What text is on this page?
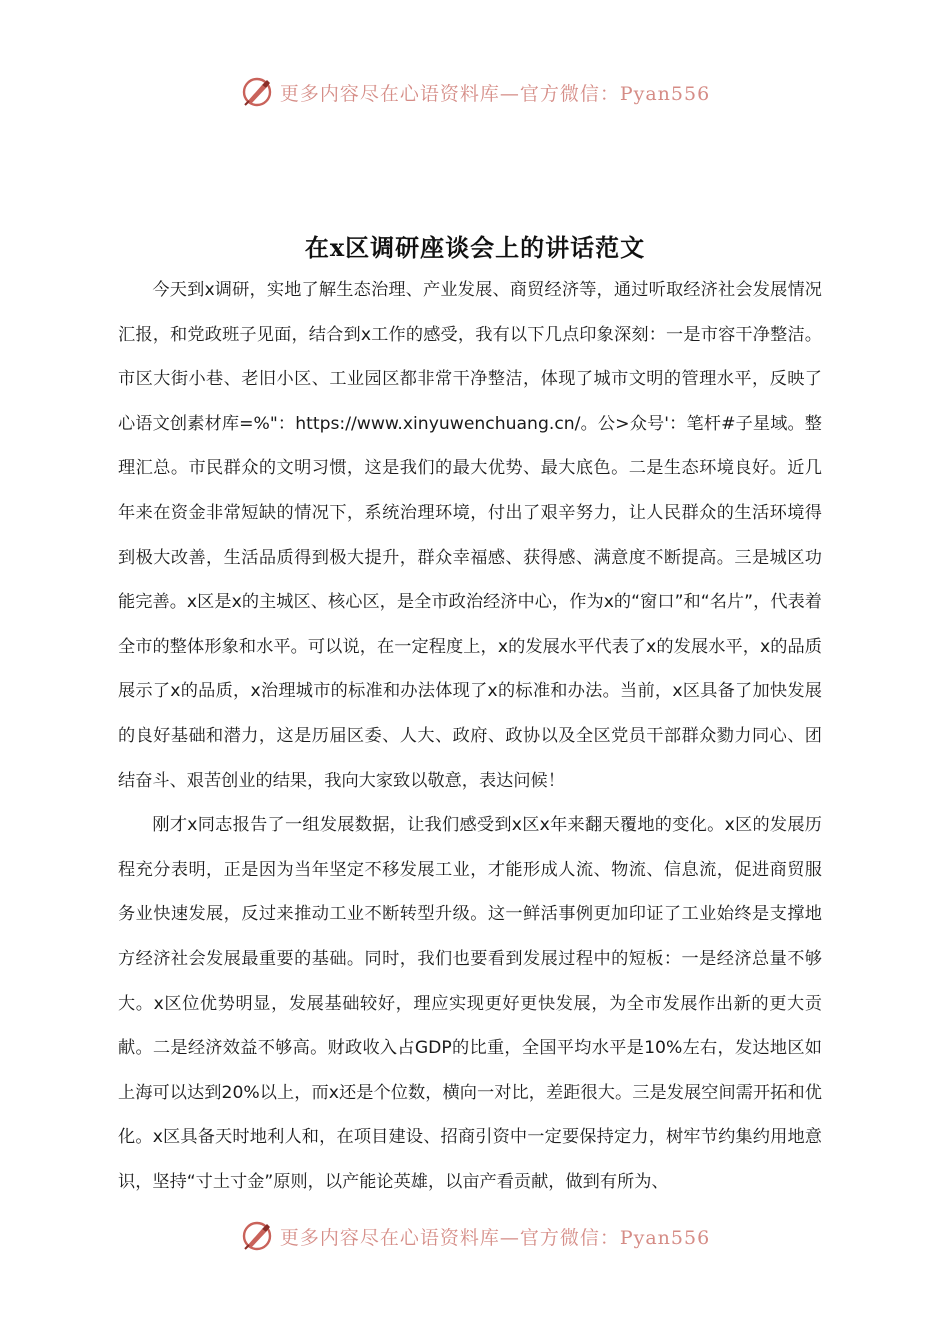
更多内容尽在心语资料库—官方微信：Pyan556
在x区调研座谈会上的讲话范文

今天到x调研，实地了解生态治理、产业发展、商贸经济等，通过听取经济社会发展情况汇报，和党政班子见面，结合到x工作的感受，我有以下几点印象深刻：一是市容干净整洁。市区大街小巷、老旧小区、工业园区都非常干净整洁，体现了城市文明的管理水平，反映了心语文创素材库=%"：https://www.xinyuwenchuang.cn/。公>众号'：笔杆#子星域。整理汇总。市民群众的文明习惯，这是我们的最大优势、最大底色。二是生态环境良好。近几年来在资金非常短缺的情况下，系统治理环境，付出了艰辛努力，让人民群众的生活环境得到极大改善，生活品质得到极大提升，群众幸福感、获得感、满意度不断提高。三是城区功能完善。x区是x的主城区、核心区，是全市政治经济中心，作为x的“窗口”和“名片”，代表着全市的整体形象和水平。可以说，在一定程度上，x的发展水平代表了x的发展水平，x的品质展示了x的品质，x治理城市的标准和办法体现了x的标准和办法。当前，x区具备了加快发展的良好基础和潜力，这是历届区委、人大、政府、政协以及全区党员干部群众勠力同心、团结奋斗、艰苦创业的结果，我向大家致以敬意，表达问候！

刚才x同志报告了一组发展数据，让我们感受到x区x年来翻天覆地的变化。x区的发展历程充分表明，正是因为当年坚定不移发展工业，才能形成人流、物流、信息流，促进商贸服务业快速发展，反过来推动工业不断转型升级。这一鲜活事例更加印证了工业始终是支撑地方经济社会发展最重要的基础。同时，我们也要看到发展过程中的短板：一是经济总量不够大。x区位优势明显，发展基础较好，理应实现更好更快发展，为全市发展作出新的更大贡献。二是经济效益不够高。财政收入占GDP的比重，全国平均水平是10%左右，发达地区如上海可以达到20%以上，而x还是个位数，横向一对比，差距很大。三是发展空间需开拓和优化。x区具备天时地利人和，在项目建设、招商引资中一定要保持定力，树牢节约集约用地意识，坚持“寸土寸金”原则，以产能论英雄，以亩产看贡献，做到有所为、

更多内容尽在心语资料库—官方微信：Pyan556
